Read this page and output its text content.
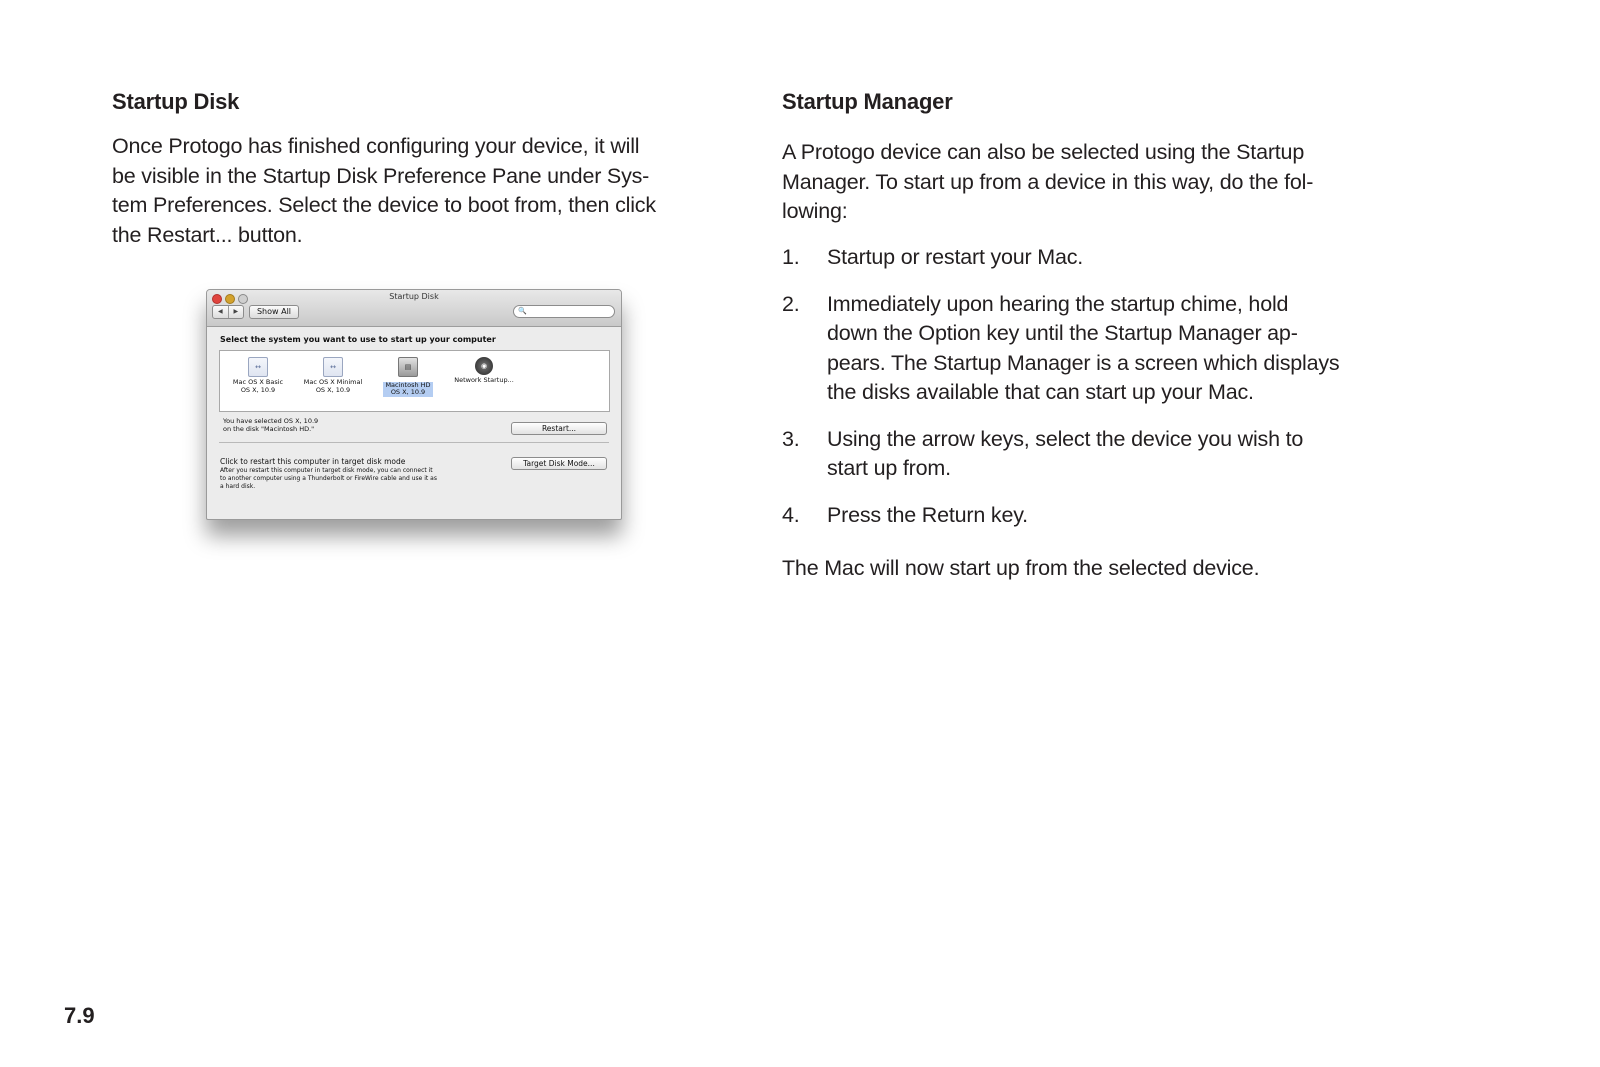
Startup Disk
Once Protogo has finished configuring your device, it will
be visible in the Startup Disk Preference Pane under Sys-
tem Preferences. Select the device to boot from, then click
the Restart... button.
Startup Disk
◀	▶	Show All	🔍
Select the system you want to use to start up your computer
↔
Mac OS X Basic
OS X, 10.9
↔
Mac OS X Minimal
OS X, 10.9
▤
Macintosh HD
OS X, 10.9
◉
Network Startup...
You have selected OS X, 10.9
on the disk "Macintosh HD."	Restart...
Click to restart this computer in target disk mode
After you restart this computer in target disk mode, you can connect it
to another computer using a Thunderbolt or FireWire cable and use it as
a hard disk.
Target Disk Mode...
Startup Manager
A Protogo device can also be selected using the Startup
Manager. To start up from a device in this way, do the fol-
lowing:
1. Startup or restart your Mac.
2. Immediately upon hearing the startup chime, hold
down the Option key until the Startup Manager ap-
pears. The Startup Manager is a screen which displays
the disks available that can start up your Mac.
3. Using the arrow keys, select the device you wish to
start up from.
4. Press the Return key.
The Mac will now start up from the selected device.
7.9
